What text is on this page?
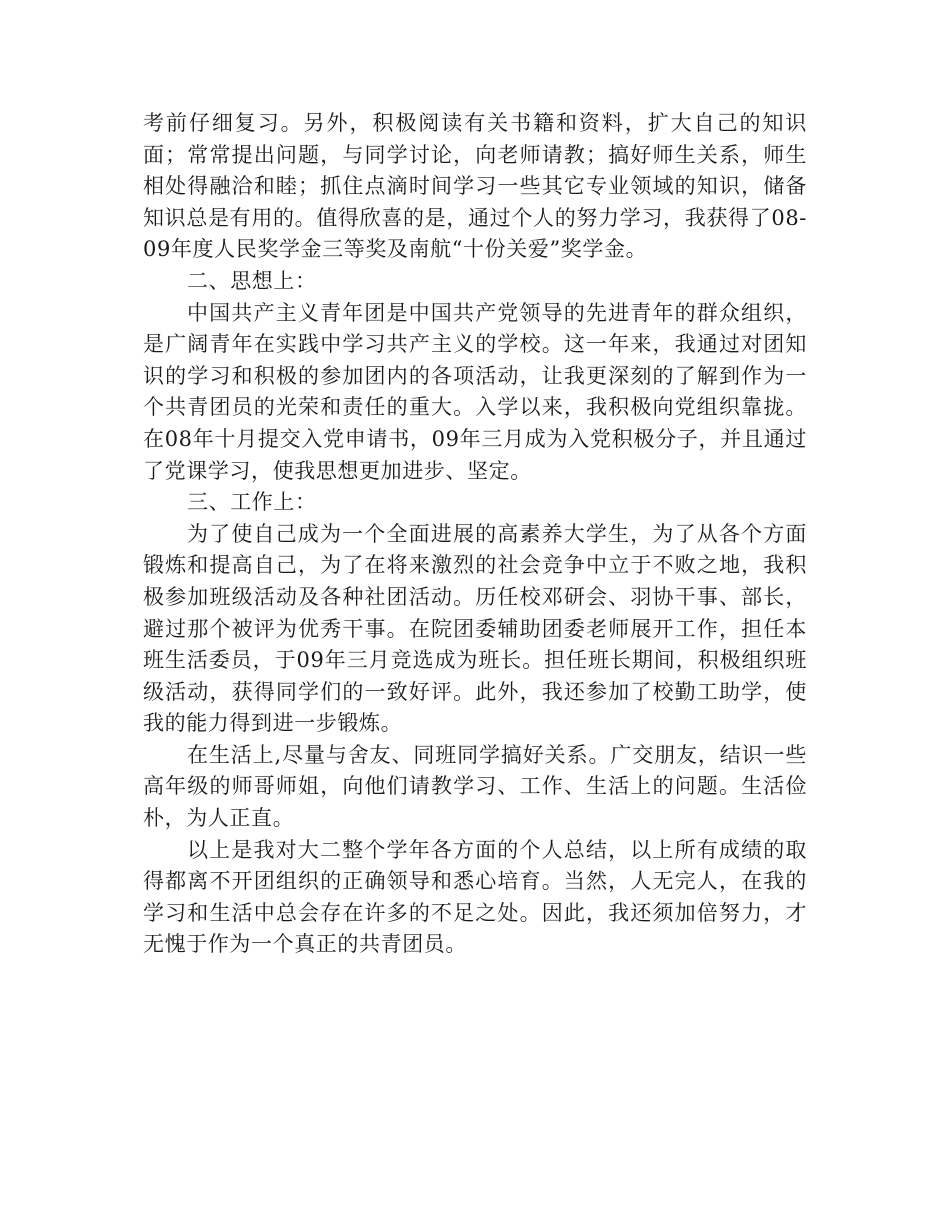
考前仔细复习。另外，积极阅读有关书籍和资料，扩大自己的知识面；常常提出问题，与同学讨论，向老师请教；搞好师生关系，师生相处得融洽和睦；抓住点滴时间学习一些其它专业领域的知识，储备知识总是有用的。值得欣喜的是，通过个人的努力学习，我获得了08-09年度人民奖学金三等奖及南航“十份关爱”奖学金。

二、思想上：

中国共产主义青年团是中国共产党领导的先进青年的群众组织，是广阔青年在实践中学习共产主义的学校。这一年来，我通过对团知识的学习和积极的参加团内的各项活动，让我更深刻的了解到作为一个共青团员的光荣和责任的重大。入学以来，我积极向党组织靠拢。在08年十月提交入党申请书，09年三月成为入党积极分子，并且通过了党课学习，使我思想更加进步、坚定。

三、工作上：

为了使自己成为一个全面进展的高素养大学生，为了从各个方面锻炼和提高自己，为了在将来激烈的社会竞争中立于不败之地，我积极参加班级活动及各种社团活动。历任校邓研会、羽协干事、部长，避过那个被评为优秀干事。在院团委辅助团委老师展开工作，担任本班生活委员，于09年三月竞选成为班长。担任班长期间，积极组织班级活动，获得同学们的一致好评。此外，我还参加了校勤工助学，使我的能力得到进一步锻炼。

在生活上,尽量与舍友、同班同学搞好关系。广交朋友，结识一些高年级的师哥师姐，向他们请教学习、工作、生活上的问题。生活俭朴，为人正直。

以上是我对大二整个学年各方面的个人总结，以上所有成绩的取得都离不开团组织的正确领导和悉心培育。当然，人无完人，在我的学习和生活中总会存在许多的不足之处。因此，我还须加倍努力，才无愧于作为一个真正的共青团员。
